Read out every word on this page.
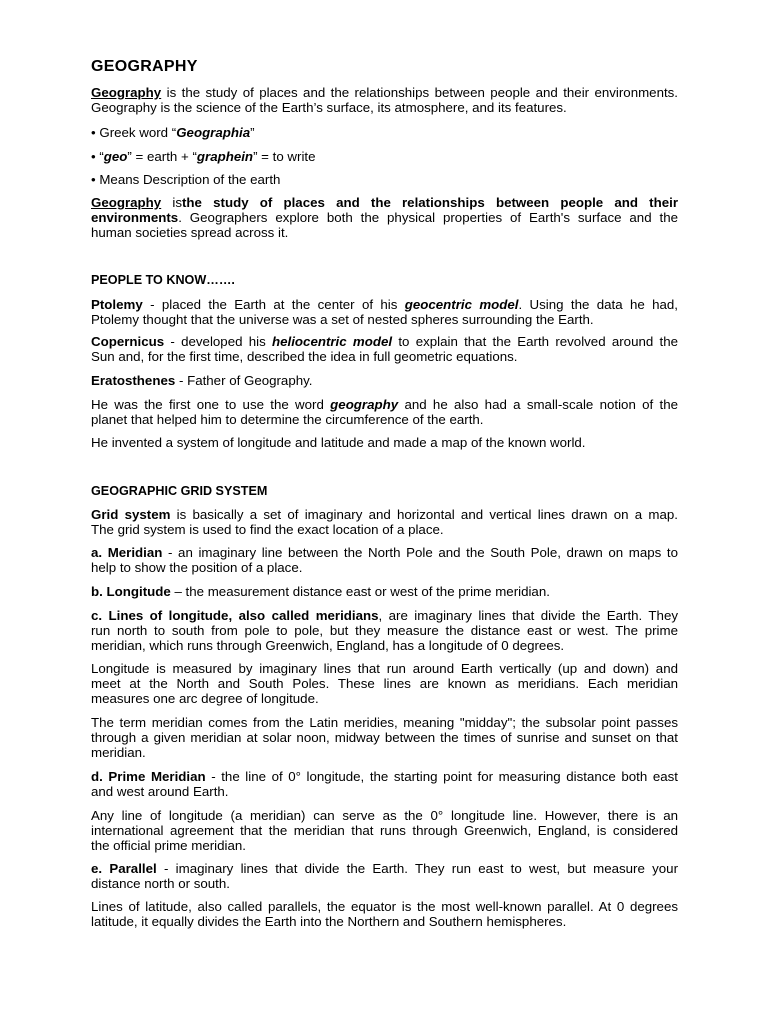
GEOGRAPHY
Geography is the study of places and the relationships between people and their environments.
Geography is the science of the Earth’s surface, its atmosphere, and its features.
• Greek word “Geographia”
• “geo” = earth + “graphein” = to write
• Means Description of the earth
Geography isthe study of places and the relationships between people and their
environments. Geographers explore both the physical properties of Earth's surface and the
human societies spread across it.
PEOPLE TO KNOW…….
Ptolemy - placed the Earth at the center of his geocentric model. Using the data he had,
Ptolemy thought that the universe was a set of nested spheres surrounding the Earth.
Copernicus - developed his heliocentric model to explain that the Earth revolved around the
Sun and, for the first time, described the idea in full geometric equations.
Eratosthenes - Father of Geography.
He was the first one to use the word geography and he also had a small-scale notion of the
planet that helped him to determine the circumference of the earth.
He invented a system of longitude and latitude and made a map of the known world.
GEOGRAPHIC GRID SYSTEM
Grid system is basically a set of imaginary and horizontal and vertical lines drawn on a map.
The grid system is used to find the exact location of a place.
a. Meridian - an imaginary line between the North Pole and the South Pole, drawn on maps to
help to show the position of a place.
b. Longitude – the measurement distance east or west of the prime meridian.
c. Lines of longitude, also called meridians, are imaginary lines that divide the Earth. They
run north to south from pole to pole, but they measure the distance east or west. The prime
meridian, which runs through Greenwich, England, has a longitude of 0 degrees.
Longitude is measured by imaginary lines that run around Earth vertically (up and down) and
meet at the North and South Poles. These lines are known as meridians. Each meridian
measures one arc degree of longitude.
The term meridian comes from the Latin meridies, meaning "midday"; the subsolar point passes
through a given meridian at solar noon, midway between the times of sunrise and sunset on that
meridian.
d. Prime Meridian - the line of 0° longitude, the starting point for measuring distance both east
and west around Earth.
Any line of longitude (a meridian) can serve as the 0° longitude line. However, there is an
international agreement that the meridian that runs through Greenwich, England, is considered
the official prime meridian.
e. Parallel - imaginary lines that divide the Earth. They run east to west, but measure your
distance north or south.
Lines of latitude, also called parallels, the equator is the most well-known parallel. At 0 degrees
latitude, it equally divides the Earth into the Northern and Southern hemispheres.
